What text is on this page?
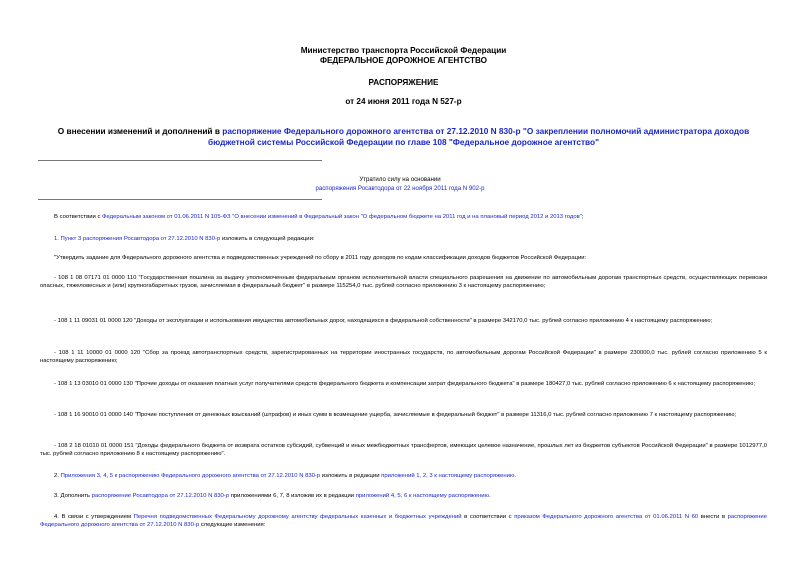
Министерство транспорта Российской Федерации
ФЕДЕРАЛЬНОЕ ДОРОЖНОЕ АГЕНТСТВО
РАСПОРЯЖЕНИЕ
от 24 июня 2011 года N 527-р
О внесении изменений и дополнений в распоряжение Федерального дорожного агентства от 27.12.2010 N 830-р "О закреплении полномочий администратора доходов бюджетной системы Российской Федерации по главе 108 "Федеральное дорожное агентство"
Утратило силу на основании
распоряжения Росавтодора от 22 ноября 2011 года N 902-р
В соответствии с Федеральным законом от 01.06.2011 N 105-ФЗ "О внесении изменений в Федеральный закон "О федеральном бюджете на 2011 год и на плановый период 2012 и 2013 годов";
1. Пункт 3 распоряжения Росавтодора от 27.12.2010 N 830-р изложить в следующей редакции:
"Утвердить задание для Федерального дорожного агентства и подведомственных учреждений по сбору в 2011 году доходов по кодам классификации доходов бюджетов Российской Федерации:
- 108 1 08 07171 01 0000 110 "Государственная пошлина за выдачу уполномоченным федеральным органом исполнительной власти специального разрешения на движение по автомобильным дорогам транспортных средств, осуществляющих перевозки опасных, тяжеловесных и (или) крупногабаритных грузов, зачисляемая в федеральный бюджет" в размере 115254,0 тыс. рублей согласно приложению 3 к настоящему распоряжению;
- 108 1 11 09031 01 0000 120 "Доходы от эксплуатации и использования имущества автомобильных дорог, находящихся в федеральной собственности" в размере 342170,0 тыс. рублей согласно приложению 4 к настоящему распоряжению;
- 108 1 11 10000 01 0000 120 "Сбор за проезд автотранспортных средств, зарегистрированных на территории иностранных государств, по автомобильным дорогам Российской Федерации" в размере 230000,0 тыс. рублей согласно приложению 5 к настоящему распоряжению;
- 108 1 13 03010 01 0000 130 "Прочие доходы от оказания платных услуг получателями средств федерального бюджета и компенсации затрат федерального бюджета" в размере 180427,0 тыс. рублей согласно приложению 6 к настоящему распоряжению;
- 108 1 16 90010 01 0000 140 "Прочие поступления от денежных взысканий (штрафов) и иных сумм в возмещение ущерба, зачисляемые в федеральный бюджет" в размере 11316,0 тыс. рублей согласно приложению 7 к настоящему распоряжению;
- 108 2 18 01010 01 0000 151 "Доходы федерального бюджета от возврата остатков субсидий, субвенций и иных межбюджетных трансфертов, имеющих целевое назначение, прошлых лет из бюджетов субъектов Российской Федерации" в размере 1012977,0 тыс. рублей согласно приложению 8 к настоящему распоряжению".
2. Приложения 3, 4, 5 к распоряжению Федерального дорожного агентства от 27.12.2010 N 830-р изложить в редакции приложений 1, 2, 3 к настоящему распоряжению.
3. Дополнить распоряжение Росавтодора от 27.12.2010 N 830-р приложениями 6, 7, 8 изложив их в редакции приложений 4, 5, 6 к настоящему распоряжению.
4. В связи с утверждением Перечня подведомственных Федеральному дорожному агентству федеральных казенных и бюджетных учреждений в соответствии с приказом Федерального дорожного агентства от 01.06.2011 N 60 внести в распоряжение Федерального дорожного агентства от 27.12.2010 N 830-р следующие изменения:
